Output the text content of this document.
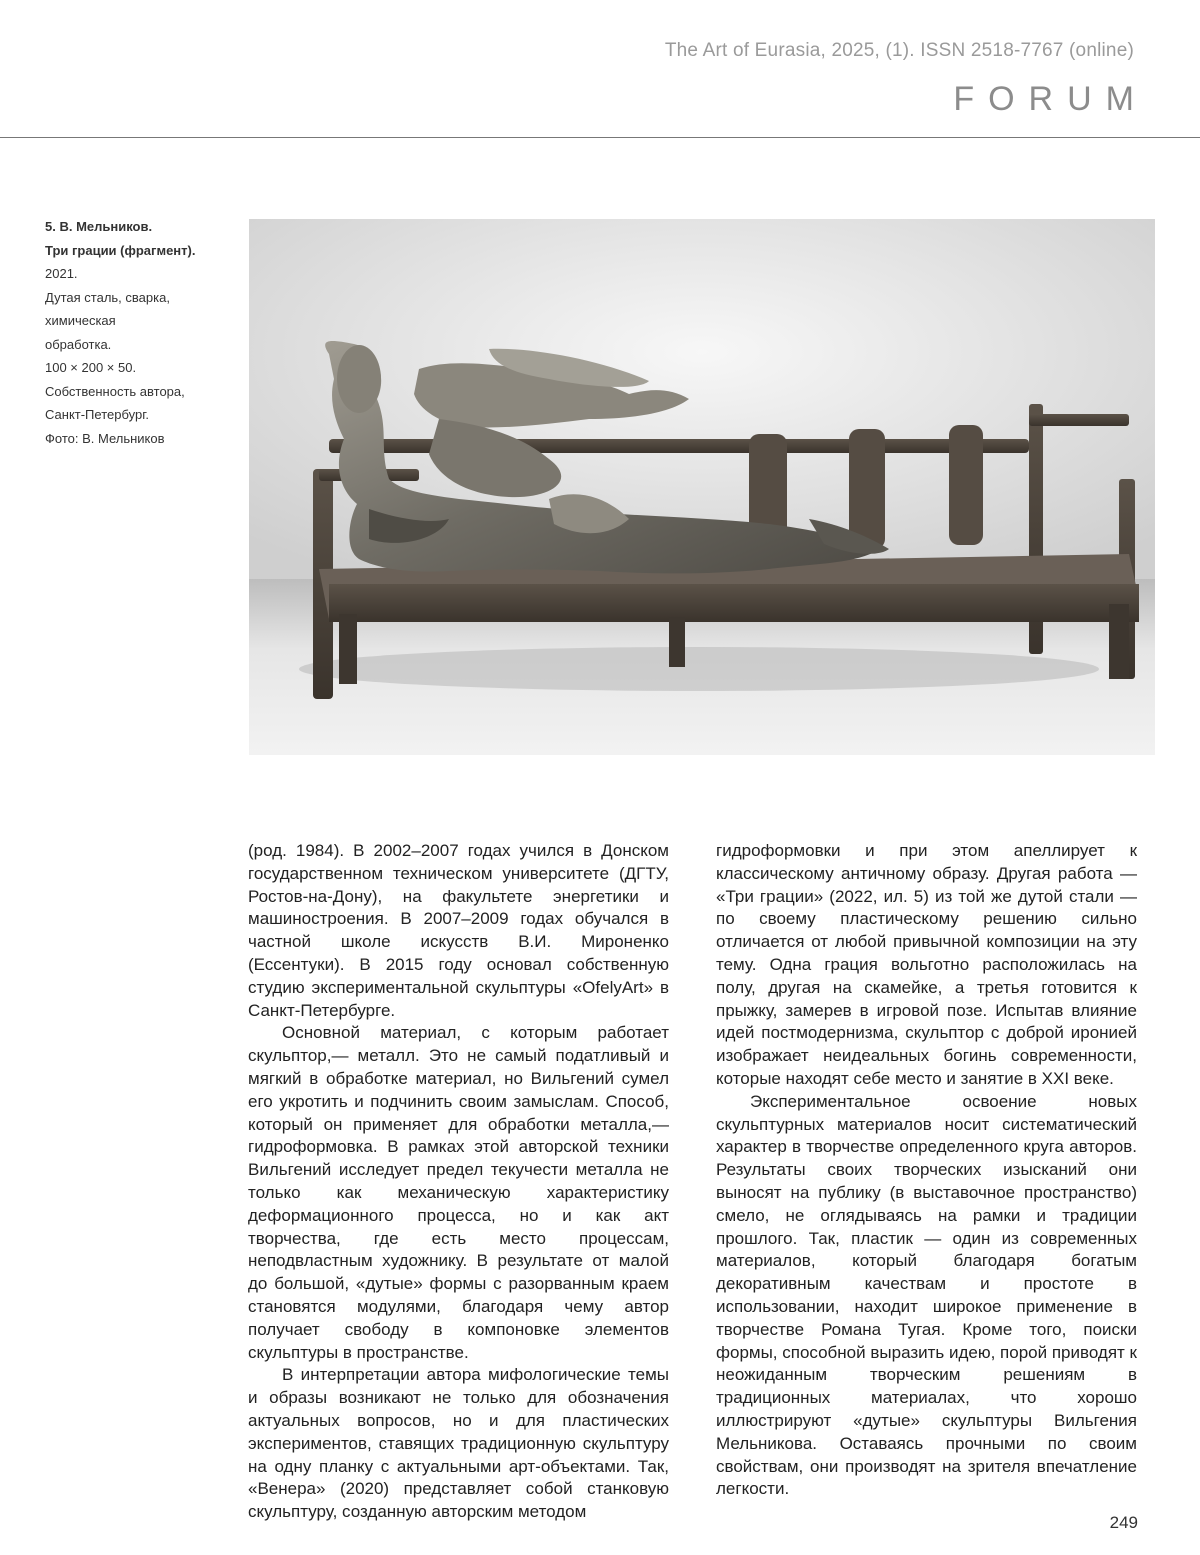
The Art of Eurasia, 2025, (1). ISSN 2518-7767 (online)
FORUM
5. В. Мельников.
Три грации (фрагмент).
2021.
Дутая сталь, сварка,
химическая
обработка.
100 × 200 × 50.
Собственность автора,
Санкт-Петербург.
Фото: В. Мельников

(род. 1984). В 2002–2007 годах учился в Донском государственном техническом университете (ДГТУ, Ростов-на-Дону), на факультете энергетики и машиностроения. В 2007–2009 годах обучался в частной школе искусств В.И. Мироненко (Ессентуки). В 2015 году основал собственную студию экспериментальной скульптуры «OfelyArt» в Санкт-Петербурге.

Основной материал, с которым работает скульптор,— металл. Это не самый податливый и мягкий в обработке материал, но Вильгений сумел его укротить и подчинить своим замыслам. Способ, который он применяет для обработки металла,— гидроформовка. В рамках этой авторской техники Вильгений исследует предел текучести металла не только как механическую характеристику деформационного процесса, но и как акт творчества, где есть место процессам, неподвластным художнику. В результате от малой до большой, «дутые» формы с разорванным краем становятся модулями, благодаря чему автор получает свободу в компоновке элементов скульптуры в пространстве.

В интерпретации автора мифологические темы и образы возникают не только для обозначения актуальных вопросов, но и для пластических экспериментов, ставящих традиционную скульптуру на одну планку с актуальными арт-объектами. Так, «Венера» (2020) представляет собой станковую скульптуру, созданную авторским методом

гидроформовки и при этом апеллирует к классическому античному образу. Другая работа — «Три грации» (2022, ил. 5) из той же дутой стали — по своему пластическому решению сильно отличается от любой привычной композиции на эту тему. Одна грация вольготно расположилась на полу, другая на скамейке, а третья готовится к прыжку, замерев в игровой позе. Испытав влияние идей постмодернизма, скульптор с доброй иронией изображает неидеальных богинь современности, которые находят себе место и занятие в XXI веке.

Экспериментальное освоение новых скульптурных материалов носит систематический характер в творчестве определенного круга авторов. Результаты своих творческих изысканий они выносят на публику (в выставочное пространство) смело, не оглядываясь на рамки и традиции прошлого. Так, пластик — один из современных материалов, который благодаря богатым декоративным качествам и простоте в использовании, находит широкое применение в творчестве Романа Тугая. Кроме того, поиски формы, способной выразить идею, порой приводят к неожиданным творческим решениям в традиционных материалах, что хорошо иллюстрируют «дутые» скульптуры Вильгения Мельникова. Оставаясь прочными по своим свойствам, они производят на зрителя впечатление легкости.

249
